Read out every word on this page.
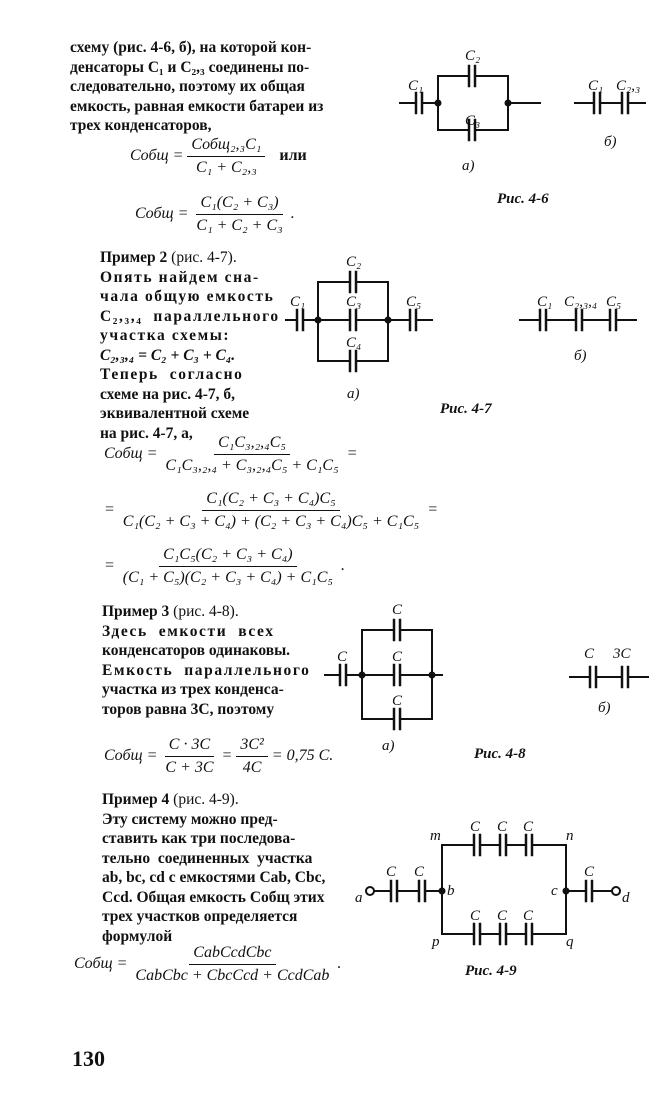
схему (рис. 4-6, б), на которой кон-
денсаторы C₁ и C₂,₃ соединены по-
следовательно, поэтому их общая
емкость, равная емкости батареи из
трех конденсаторов,
Cобщ = $\frac{\text{Cобщ₂,₃C₁}}{\text{C₁ + C₂,₃}}$ или
Cобщ = $\frac{\text{C₁(C₂ + C₃)}}{\text{C₁ + C₂ + C₃}}$ .
Пример 2 (рис. 4-7).
Опять найдем сна-
чала общую емкость
C₂,₃,₄  параллельного
участка схемы:
C₂,₃,₄ = C₂ + C₃ + C₄.
Теперь  согласно
схеме на рис. 4-7, б,
эквивалентной схеме
на рис. 4-7, а,
Cобщ = $\frac{\text{C₁C₃,₂,₄C₅}}{\text{C₁C₃,₂,₄ + C₃,₂,₄C₅ + C₁C₅}}$ =
= $\frac{\text{C₁(C₂ + C₃ + C₄)C₅}}{\text{C₁(C₂ + C₃ + C₄) + (C₂ + C₃ + C₄)C₅ + C₁C₅}}$ =
= $\frac{\text{C₁C₅(C₂ + C₃ + C₄)}}{\text{(C₁ + C₅)(C₂ + C₃ + C₄) + C₁C₅}}$ .
Пример 3 (рис. 4-8).
Здесь  емкости  всех
конденсаторов одинаковы.
Емкость  параллельного
участка из трех конденса-
торов равна 3C, поэтому
Cобщ = $\frac{C \cdot 3C}{C + 3C} = \frac{\text{3C²}}{4C} = 0,75$ C.
Пример 4 (рис. 4-9).
Эту систему можно пред-
ставить как три последова-
тельно  соединенных  участка
ab, bc, cd с емкостями Cab, Cbc,
Ccd. Общая емкость Cобщ этих
трех участков определяется
формулой
Cобщ = $\frac{\text{CabCcdCbc}}{\text{CabCbc + CbcCcd + CcdCab}}$ .
130
C₂
C₁
C₃
а)
C₁ C₂,₃
б)
Рис. 4-6
C₂
C₁	C₃	C₅
C₄
а)
C₁ C₂,₃,₄ C₅
б)
Рис. 4-7
C
C	C
C
а)
C 3C
б)
Рис. 4-8
m
C C C
n
C C	C
a	b	c	d
C C C
p	q
Рис. 4-9
